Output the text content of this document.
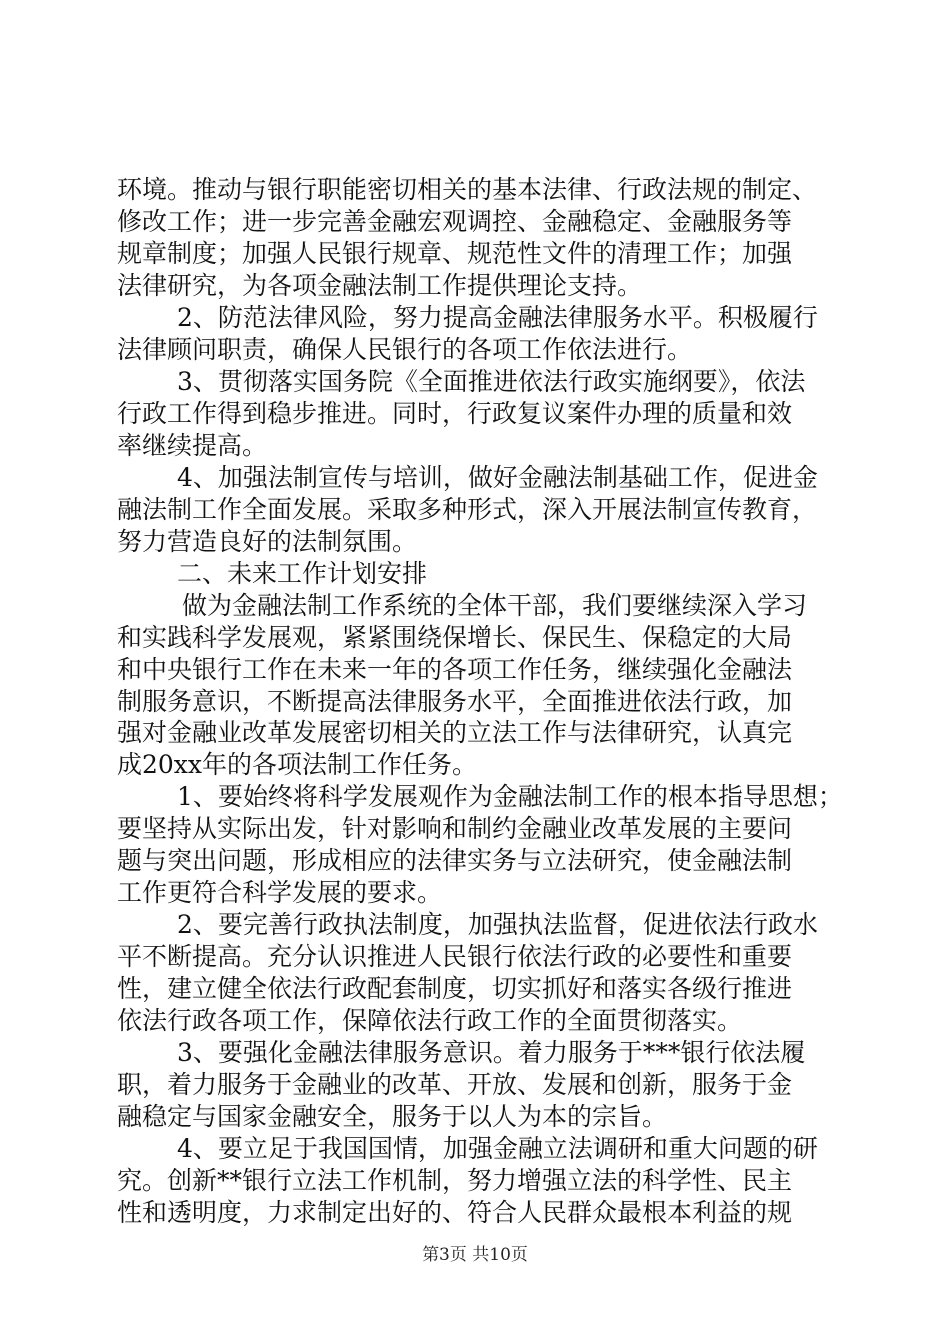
环境。推动与银行职能密切相关的基本法律、行政法规的制定、
修改工作；进一步完善金融宏观调控、金融稳定、金融服务等
规章制度；加强人民银行规章、规范性文件的清理工作；加强
法律研究，为各项金融法制工作提供理论支持。
2、防范法律风险，努力提高金融法律服务水平。积极履行
法律顾问职责，确保人民银行的各项工作依法进行。
3、贯彻落实国务院《全面推进依法行政实施纲要》，依法
行政工作得到稳步推进。同时，行政复议案件办理的质量和效
率继续提高。
4、加强法制宣传与培训，做好金融法制基础工作，促进金
融法制工作全面发展。采取多种形式，深入开展法制宣传教育，
努力营造良好的法制氛围。
二、未来工作计划安排
做为金融法制工作系统的全体干部，我们要继续深入学习
和实践科学发展观，紧紧围绕保增长、保民生、保稳定的大局
和中央银行工作在未来一年的各项工作任务，继续强化金融法
制服务意识，不断提高法律服务水平，全面推进依法行政，加
强对金融业改革发展密切相关的立法工作与法律研究，认真完
成20xx年的各项法制工作任务。
1、要始终将科学发展观作为金融法制工作的根本指导思想；
要坚持从实际出发，针对影响和制约金融业改革发展的主要问
题与突出问题，形成相应的法律实务与立法研究，使金融法制
工作更符合科学发展的要求。
2、要完善行政执法制度，加强执法监督，促进依法行政水
平不断提高。充分认识推进人民银行依法行政的必要性和重要
性，建立健全依法行政配套制度，切实抓好和落实各级行推进
依法行政各项工作，保障依法行政工作的全面贯彻落实。
3、要强化金融法律服务意识。着力服务于***银行依法履
职，着力服务于金融业的改革、开放、发展和创新，服务于金
融稳定与国家金融安全，服务于以人为本的宗旨。
4、要立足于我国国情，加强金融立法调研和重大问题的研
究。创新**银行立法工作机制，努力增强立法的科学性、民主
性和透明度，力求制定出好的、符合人民群众最根本利益的规
第3页 共10页
